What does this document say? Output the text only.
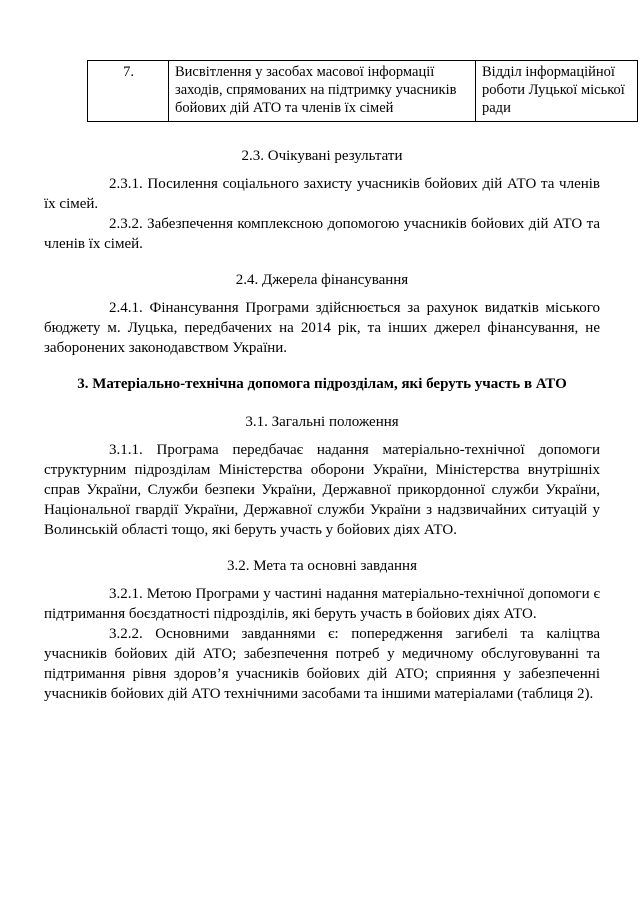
7.	Висвітлення у засобах масової інформації заходів, спрямованих на підтримку учасників бойових дій АТО та членів їх сімей	Відділ інформаційної роботи Луцької міської ради

2.3. Очікувані результати

2.3.1. Посилення соціального захисту учасників бойових дій АТО та членів їх сімей.

2.3.2. Забезпечення комплексною допомогою учасників бойових дій АТО та членів їх сімей.

2.4. Джерела фінансування

2.4.1. Фінансування Програми здійснюється за рахунок видатків міського бюджету м. Луцька, передбачених на 2014 рік, та інших джерел фінансування, не заборонених законодавством України.

3. Матеріально-технічна допомога підрозділам, які беруть участь в АТО

3.1. Загальні положення

3.1.1. Програма передбачає надання матеріально-технічної допомоги структурним підрозділам Міністерства оборони України, Міністерства внутрішніх справ України, Служби безпеки України, Державної прикордонної служби України, Національної гвардії України, Державної служби України з надзвичайних ситуацій у Волинській області тощо, які беруть участь у бойових діях АТО.

3.2. Мета та основні завдання

3.2.1. Метою Програми у частині надання матеріально-технічної допомоги є підтримання боєздатності підрозділів, які беруть участь в бойових діях АТО.

3.2.2. Основними завданнями є: попередження загибелі та каліцтва учасників бойових дій АТО; забезпечення потреб у медичному обслуговуванні та підтримання рівня здоров’я учасників бойових дій АТО; сприяння у забезпеченні учасників бойових дій АТО технічними засобами та іншими матеріалами (таблиця 2).
